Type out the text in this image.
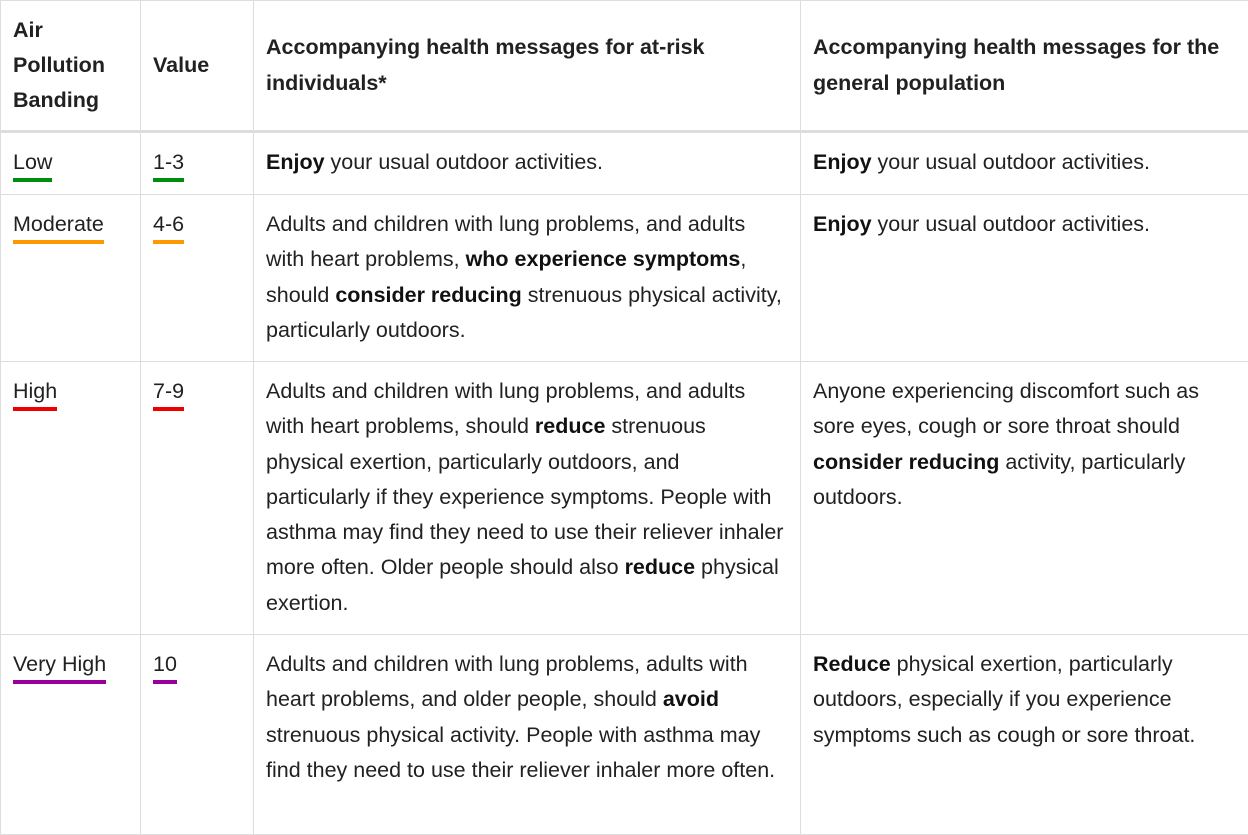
Air Pollution Banding	Value	Accompanying health messages for at-risk individuals*	Accompanying health messages for the general population
Low	1-3	Enjoy your usual outdoor activities.	Enjoy your usual outdoor activities.
Moderate	4-6	Adults and children with lung problems, and adults with heart problems, who experience symptoms, should consider reducing strenuous physical activity, particularly outdoors.	Enjoy your usual outdoor activities.
High	7-9	Adults and children with lung problems, and adults with heart problems, should reduce strenuous physical exertion, particularly outdoors, and particularly if they experience symptoms. People with asthma may find they need to use their reliever inhaler more often. Older people should also reduce physical exertion.	Anyone experiencing discomfort such as sore eyes, cough or sore throat should consider reducing activity, particularly outdoors.
Very High	10	Adults and children with lung problems, adults with heart problems, and older people, should avoid strenuous physical activity. People with asthma may find they need to use their reliever inhaler more often.	Reduce physical exertion, particularly outdoors, especially if you experience symptoms such as cough or sore throat.
